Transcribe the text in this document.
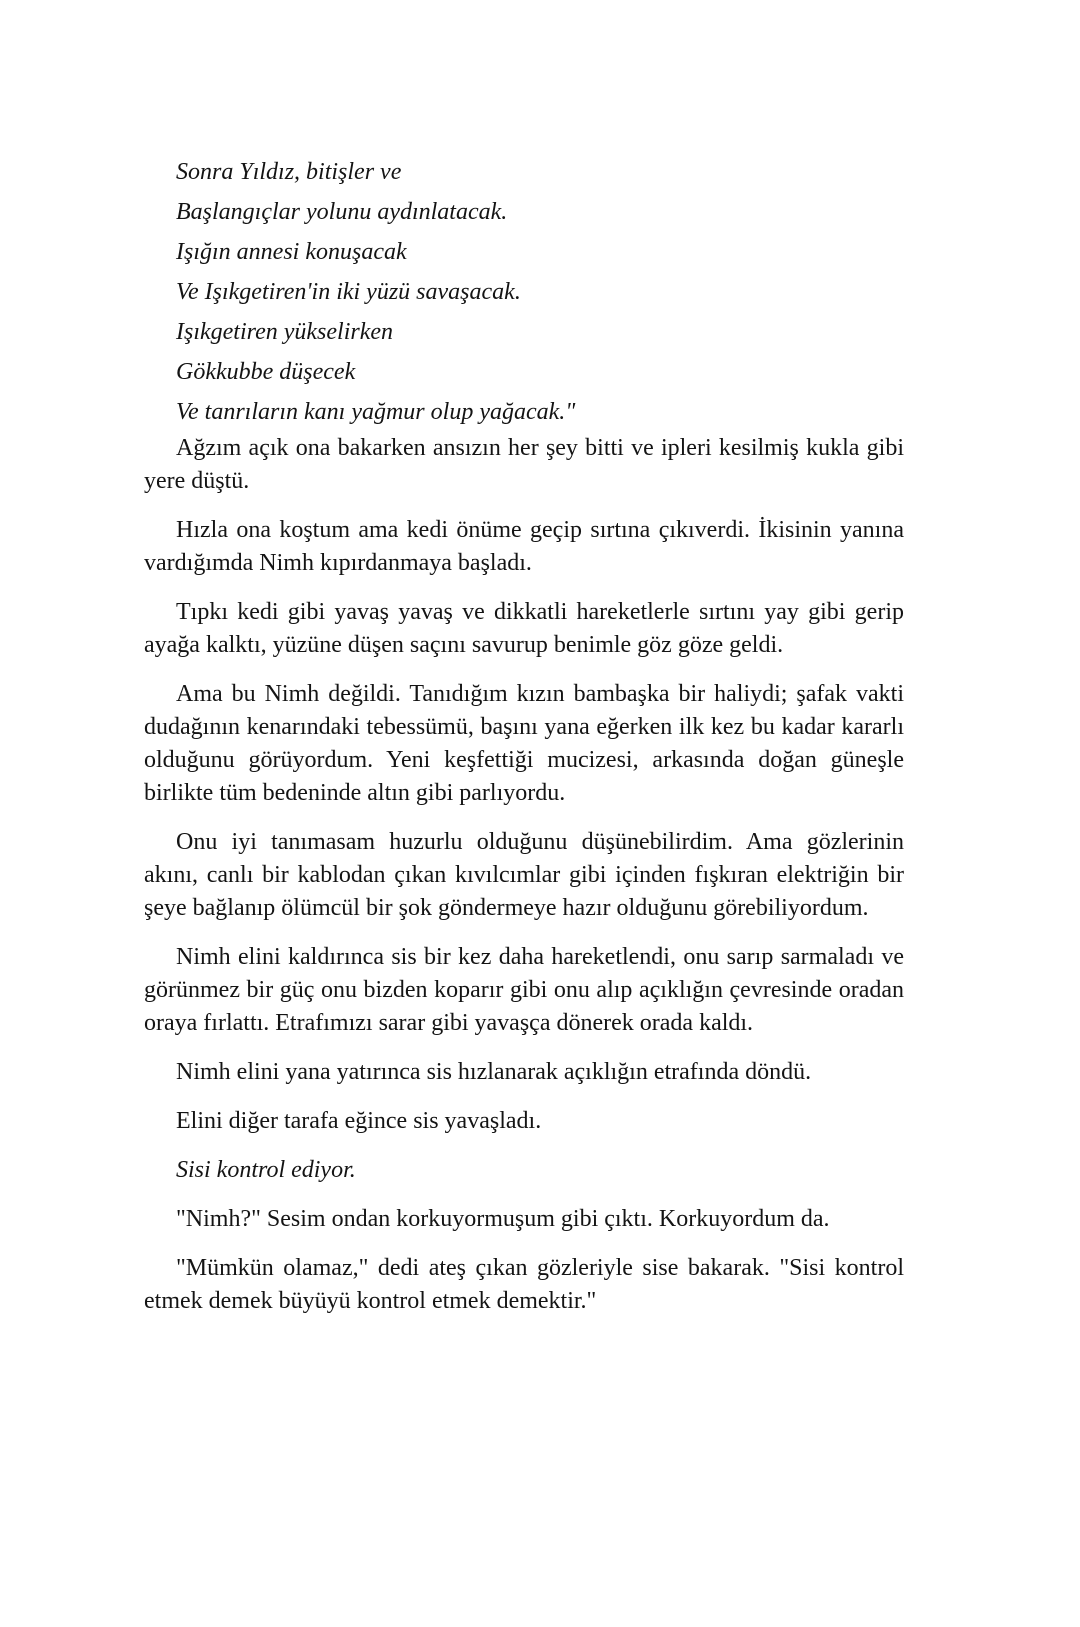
Sonra Yıldız, bitişler ve
Başlangıçlar yolunu aydınlatacak.
Işığın annesi konuşacak
Ve Işıkgetiren'in iki yüzü savaşacak.
Işıkgetiren yükselirken
Gökkubbe düşecek
Ve tanrıların kanı yağmur olup yağacak."

Ağzım açık ona bakarken ansızın her şey bitti ve ipleri kesilmiş kukla gibi yere düştü.

Hızla ona koştum ama kedi önüme geçip sırtına çıkıverdi. İkisinin yanına vardığımda Nimh kıpırdanmaya başladı.

Tıpkı kedi gibi yavaş yavaş ve dikkatli hareketlerle sırtını yay gibi gerip ayağa kalktı, yüzüne düşen saçını savurup benimle göz göze geldi.

Ama bu Nimh değildi. Tanıdığım kızın bambaşka bir haliydi; şafak vakti dudağının kenarındaki tebessümü, başını yana eğerken ilk kez bu kadar kararlı olduğunu görüyordum. Yeni keşfettiği mucizesi, arkasında doğan güneşle birlikte tüm bedeninde altın gibi parlıyordu.

Onu iyi tanımasam huzurlu olduğunu düşünebilirdim. Ama gözlerinin akını, canlı bir kablodan çıkan kıvılcımlar gibi içinden fışkıran elektriğin bir şeye bağlanıp ölümcül bir şok göndermeye hazır olduğunu görebiliyordum.

Nimh elini kaldırınca sis bir kez daha hareketlendi, onu sarıp sarmaladı ve görünmez bir güç onu bizden koparır gibi onu alıp açıklığın çevresinde oradan oraya fırlattı. Etrafımızı sarar gibi yavaşça dönerek orada kaldı.

Nimh elini yana yatırınca sis hızlanarak açıklığın etrafında döndü.

Elini diğer tarafa eğince sis yavaşladı.

Sisi kontrol ediyor.

"Nimh?" Sesim ondan korkuyormuşum gibi çıktı. Korkuyordum da.

"Mümkün olamaz," dedi ateş çıkan gözleriyle sise bakarak. "Sisi kontrol etmek demek büyüyü kontrol etmek demektir."
